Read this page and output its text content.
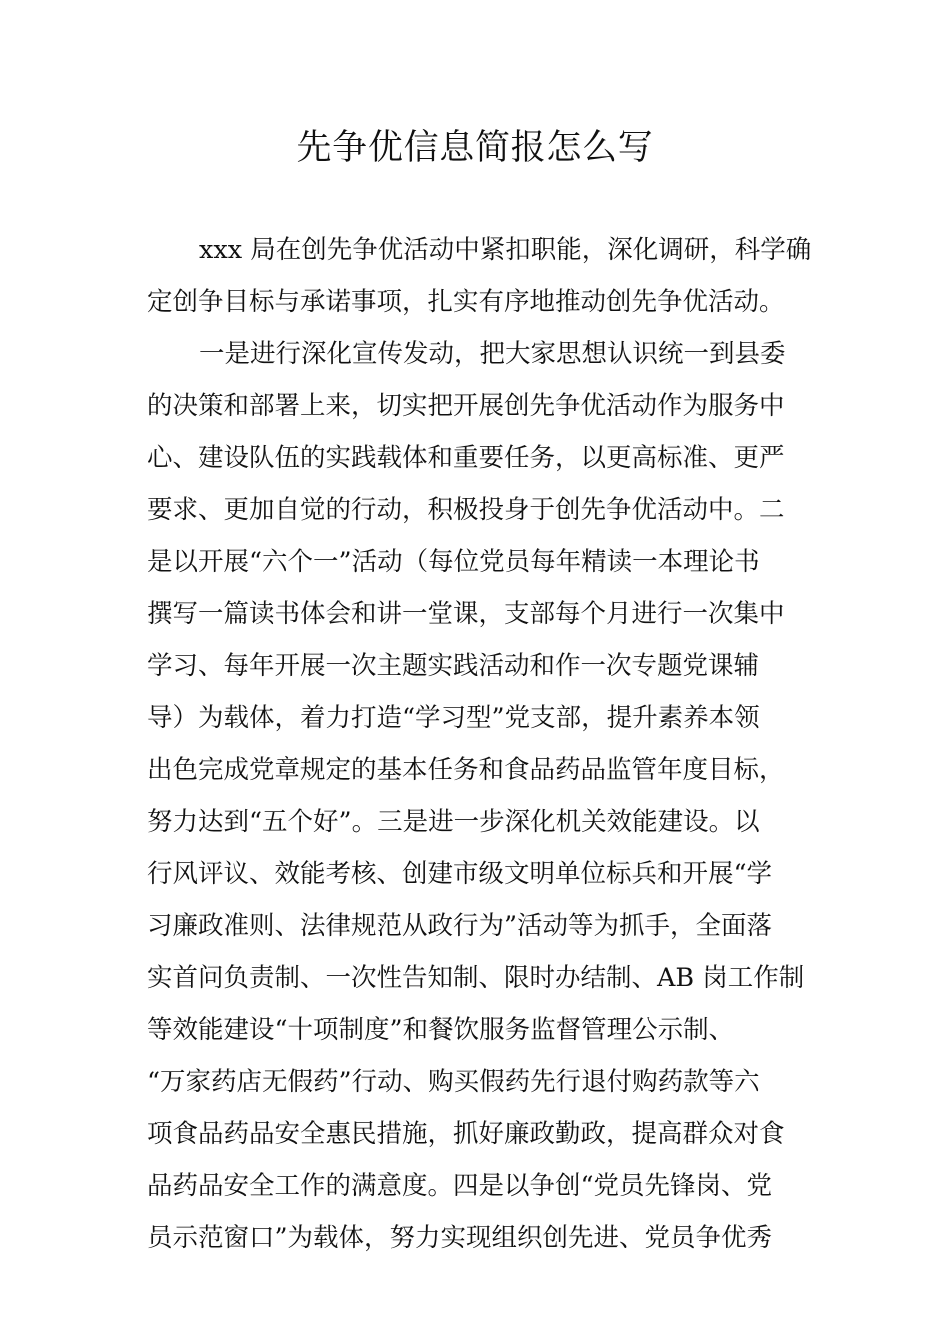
先争优信息简报怎么写

xxx 局在创先争优活动中紧扣职能，深化调研，科学确

定创争目标与承诺事项，扎实有序地推动创先争优活动。

一是进行深化宣传发动，把大家思想认识统一到县委

的决策和部署上来，切实把开展创先争优活动作为服务中

心、建设队伍的实践载体和重要任务，以更高标准、更严

要求、更加自觉的行动，积极投身于创先争优活动中。二

是以开展“六个一”活动（每位党员每年精读一本理论书

撰写一篇读书体会和讲一堂课，支部每个月进行一次集中

学习、每年开展一次主题实践活动和作一次专题党课辅

导）为载体，着力打造“学习型”党支部，提升素养本领

出色完成党章规定的基本任务和食品药品监管年度目标，

努力达到“五个好”。三是进一步深化机关效能建设。以

行风评议、效能考核、创建市级文明单位标兵和开展“学

习廉政准则、法律规范从政行为”活动等为抓手，全面落

实首问负责制、一次性告知制、限时办结制、AB 岗工作制

等效能建设“十项制度”和餐饮服务监督管理公示制、

“万家药店无假药”行动、购买假药先行退付购药款等六

项食品药品安全惠民措施，抓好廉政勤政，提高群众对食

品药品安全工作的满意度。四是以争创“党员先锋岗、党

员示范窗口”为载体，努力实现组织创先进、党员争优秀
